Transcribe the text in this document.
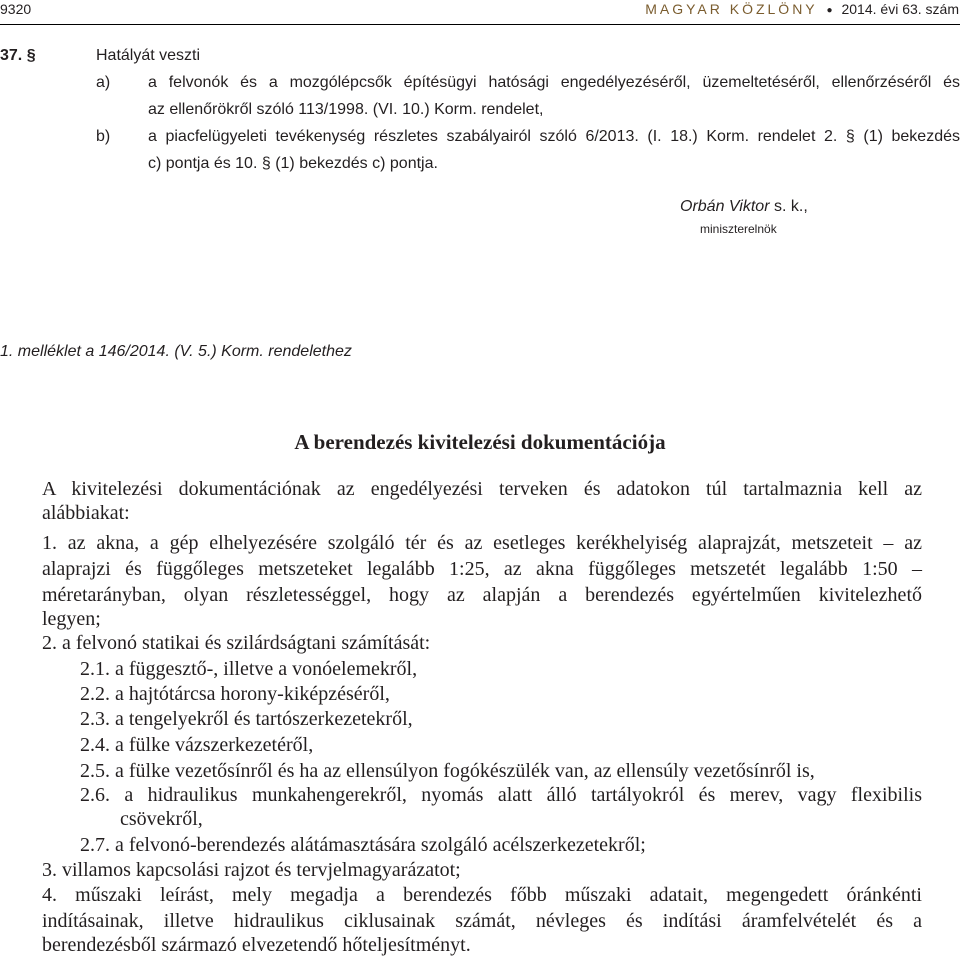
9320	MAGYAR KÖZLÖNY ● 2014. évi 63. szám
37. §	Hatályát veszti
a) a felvonók és a mozgólépcsők építésügyi hatósági engedélyezéséről, üzemeltetéséről, ellenőrzéséről és
az ellenőrökről szóló 113/1998. (VI. 10.) Korm. rendelet,
b) a piacfelügyeleti tevékenység részletes szabályairól szóló 6/2013. (I. 18.) Korm. rendelet 2. § (1) bekezdés
c) pontja és 10. § (1) bekezdés c) pontja.
Orbán Viktor s. k.,
miniszterelnök
1. melléklet a 146/2014. (V. 5.) Korm. rendelethez
A berendezés kivitelezési dokumentációja
A kivitelezési dokumentációnak az engedélyezési terveken és adatokon túl tartalmaznia kell az
alábbiakat:
1. az akna, a gép elhelyezésére szolgáló tér és az esetleges kerékhelyiség alaprajzát, metszeteit – az
alaprajzi és függőleges metszeteket legalább 1:25, az akna függőleges metszetét legalább 1:50 –
méretarányban, olyan részletességgel, hogy az alapján a berendezés egyértelműen kivitelezhető
legyen;
2. a felvonó statikai és szilárdságtani számítását:
2.1. a függesztő-, illetve a vonóelemekről,
2.2. a hajtótárcsa horony-kiképzéséről,
2.3. a tengelyekről és tartószerkezetekről,
2.4. a fülke vázszerkezetéről,
2.5. a fülke vezetősínről és ha az ellensúlyon fogókészülék van, az ellensúly vezetősínről is,
2.6. a hidraulikus munkahengerekről, nyomás alatt álló tartályokról és merev, vagy flexibilis
csövekről,
2.7. a felvonó-berendezés alátámasztására szolgáló acélszerkezetekről;
3. villamos kapcsolási rajzot és tervjelmagyarázatot;
4. műszaki leírást, mely megadja a berendezés főbb műszaki adatait, megengedett óránkénti
indításainak, illetve hidraulikus ciklusainak számát, névleges és indítási áramfelvételét és a
berendezésből származó elvezetendő hőteljesítményt.
